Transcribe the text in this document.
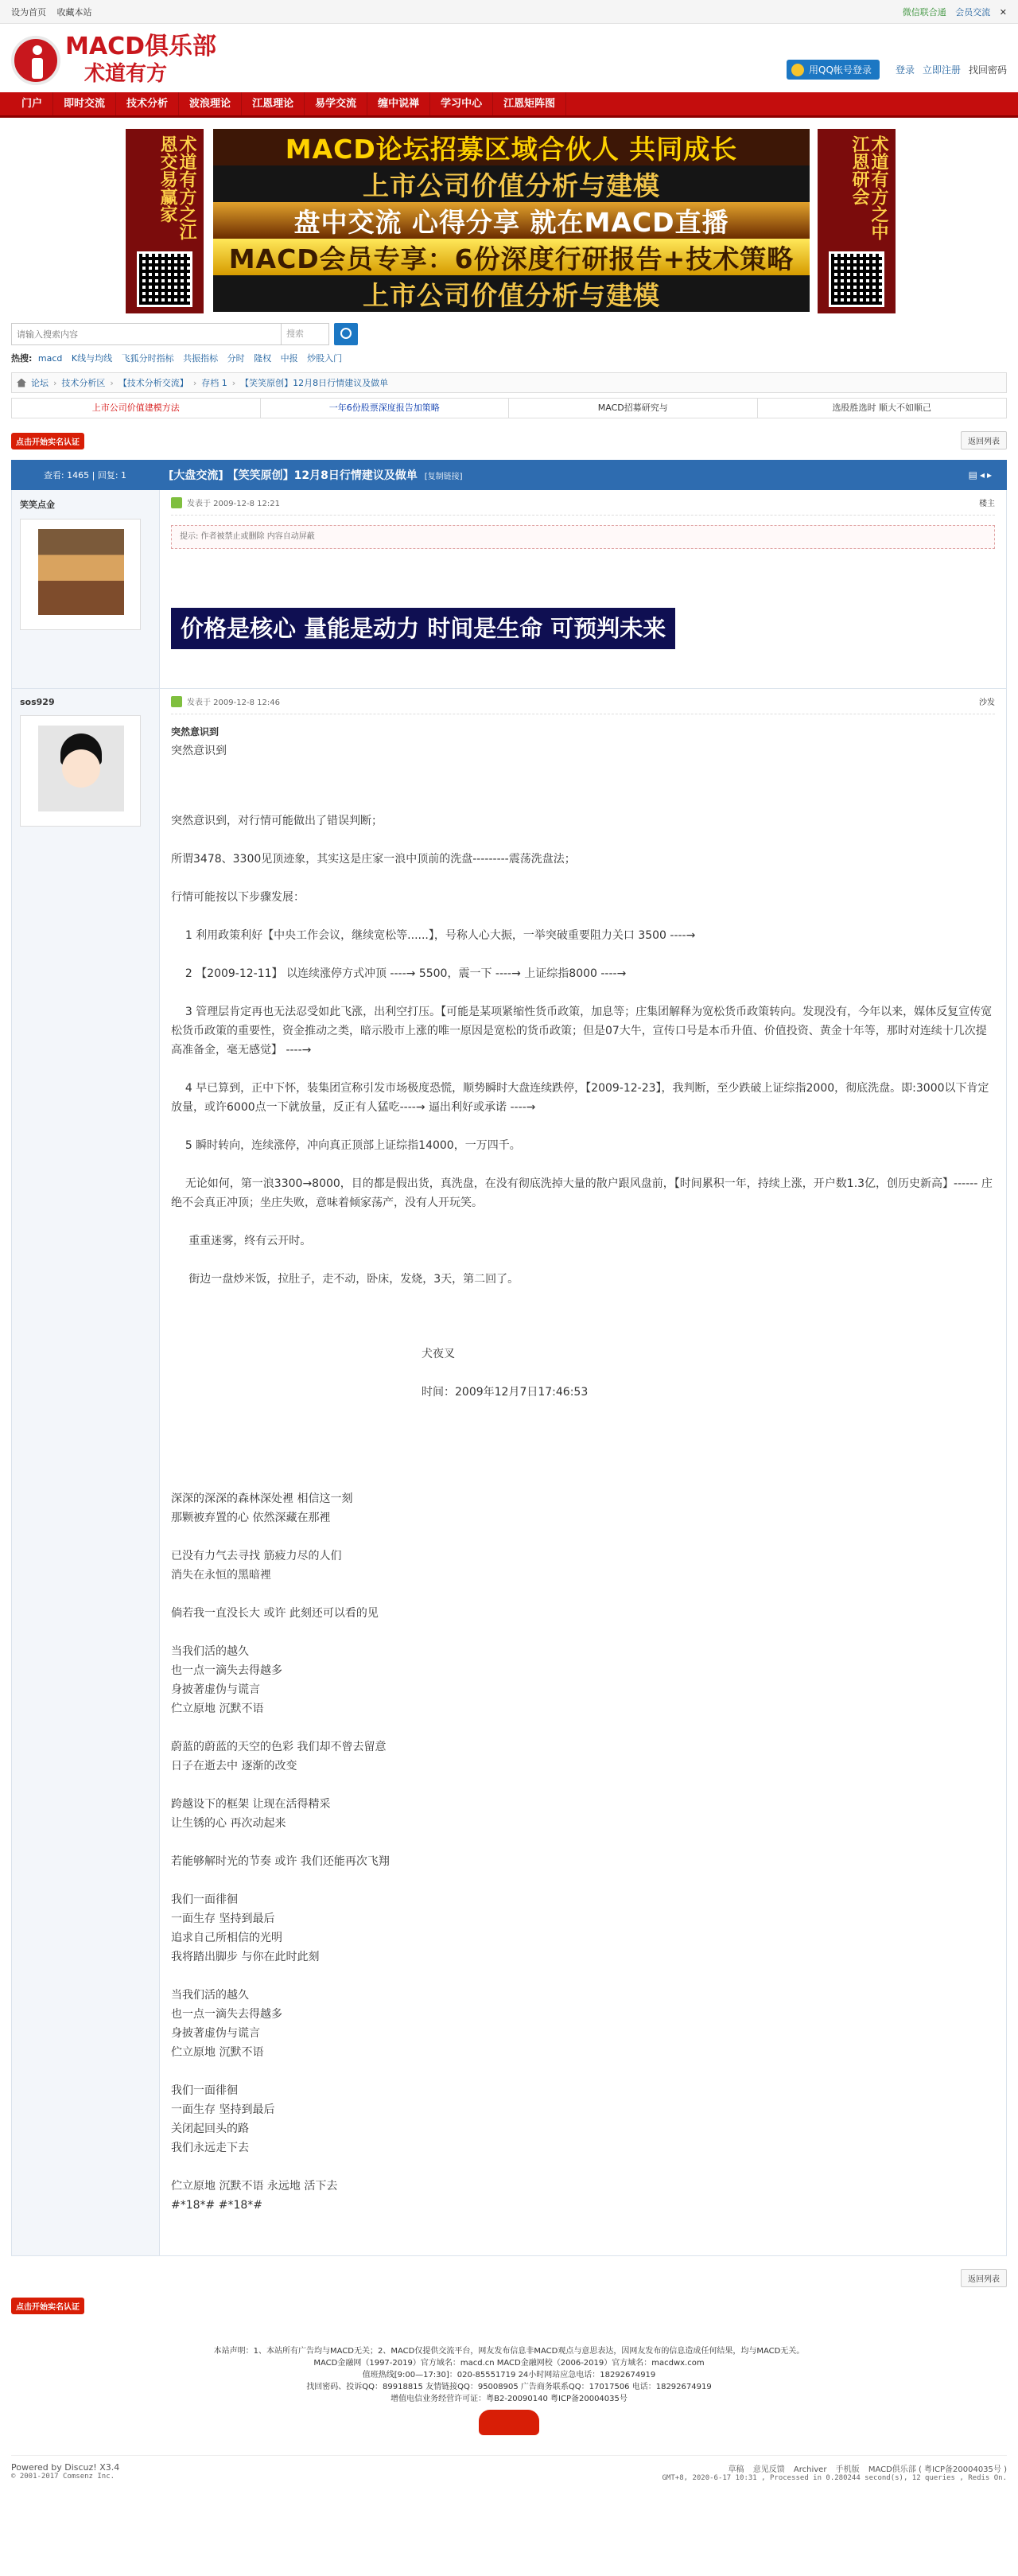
设为首页 收藏本站	微信联合通 会员交流 ✕
MACD俱乐部
术道有方	用QQ帐号登录	登录 立即注册 找回密码
门户	即时交流	技术分析	波浪理论	江恩理论	易学交流	缠中说禅	学习中心	江恩矩阵图
术道有方之江恩交易赢家	MACD论坛招募区域合伙人 共同成长
上市公司价值分析与建模
盘中交流 心得分享 就在MACD直播
MACD会员专享：6份深度行研报告+技术策略
上市公司价值分析与建模
术道有方之中江恩研会
请输入搜索内容
搜索
热搜: macd K线与均线 飞狐分时指标 共振指标 分时 隆权 中报 炒股入门
论坛 › 技术分析区 › 【技术分析交流】 › 存档 1 › 【笑笑原创】12月8日行情建议及做单
上市公司价值建模方法	一年6份股票深度报告加策略	MACD招募研究与	选股胜选时 顺大不如顺己
点击开始实名认证	返回列表
查看: 1465 | 回复: 1	[大盘交流] 【笑笑原创】12月8日行情建议及做单 [复制链接]	▤◂▸
笑笑点金	发表于 2009-12-8 12:21	楼主
提示: 作者被禁止或删除 内容自动屏蔽
价格是核心 量能是动力 时间是生命 可预判未来
sos929	发表于 2009-12-8 12:46	沙发

突然意识到

突然意识到

突然意识到，对行情可能做出了错误判断；

所谓3478、3300见顶迹象，其实这是庄家一浪中顶前的洗盘---------震荡洗盘法；

行情可能按以下步骤发展：

1 利用政策利好【中央工作会议，继续宽松等......】，号称人心大振，一举突破重要阻力关口 3500 ----→

2 【2009-12-11】 以连续涨停方式冲顶 ----→ 5500，震一下 ----→ 上证综指8000 ----→

3 管理层肯定再也无法忍受如此飞涨，出利空打压。【可能是某项紧缩性货币政策，加息等；庄集团解释为宽松货币政策转向。发现没有，今年以来，媒体反复宣传宽松货币政策的重要性，资金推动之类，暗示股市上涨的唯一原因是宽松的货币政策；但是07大牛，宣传口号是本币升值、价值投资、黄金十年等，那时对连续十几次提高准备金，毫无感觉】 ----→

4 早已算到，正中下怀，装集团宣称引发市场极度恐慌，顺势瞬时大盘连续跌停，【2009-12-23】，我判断，至少跌破上证综指2000，彻底洗盘。即:3000以下肯定放量，或许6000点一下就放量，反正有人猛吃----→ 逼出利好或承诺 ----→

5 瞬时转向，连续涨停，冲向真正顶部上证综指14000，一万四千。

无论如何，第一浪3300→8000，目的都是假出货，真洗盘，在没有彻底洗掉大量的散户跟风盘前，【时间累积一年，持续上涨，开户数1.3亿，创历史新高】------ 庄绝不会真正冲顶；坐庄失败，意味着倾家荡产，没有人开玩笑。

重重迷雾，终有云开时。

街边一盘炒米饭，拉肚子，走不动，卧床，发烧，3天，第二回了。

犬夜叉

时间：2009年12月7日17:46:53

深深的深深的森林深处裡 相信这一刻

那颗被弃置的心 依然深藏在那裡

已没有力气去寻找 筋疲力尽的人们

消失在永恒的黑暗裡

倘若我一直没长大 或许 此刻还可以看的见

当我们活的越久

也一点一滴失去得越多

身披著虚伪与谎言

伫立原地 沉默不语

蔚蓝的蔚蓝的天空的色彩 我们却不曾去留意

日子在逝去中 逐渐的改变

跨越设下的框架 让现在活得精采

让生锈的心 再次动起来

若能够解时光的节奏 或许 我们还能再次飞翔

我们一面徘徊

一面生存 坚持到最后

追求自己所相信的光明

我将踏出脚步 与你在此时此刻

当我们活的越久

也一点一滴失去得越多

身披著虚伪与谎言

伫立原地 沉默不语

我们一面徘徊

一面生存 坚持到最后

关闭起回头的路

我们永远走下去

伫立原地 沉默不语 永远地 活下去

#*18*# #*18*#

返回列表
点击开始实名认证
本站声明：1、本站所有广告均与MACD无关；2、MACD仅提供交流平台，网友发布信息非MACD观点与意思表达，因网友发布的信息造成任何结果，均与MACD无关。
MACD金融网（1997-2019）官方域名：macd.cn MACD金融网校（2006-2019）官方域名：macdwx.com
值班热线[9:00—17:30]：020-85551719 24小时网站应急电话：18292674919
找回密码、投诉QQ：89918815 友情链接QQ：95008905 广告商务联系QQ：17017506 电话：18292674919
增值电信业务经营许可证：粤B2-20090140 粤ICP备20004035号
Powered by Discuz! X3.4
© 2001-2017 Comsenz Inc.
草稿 意见反馈 Archiver 手机版 MACD俱乐部 ( 粤ICP备20004035号 )
GMT+8, 2020-6-17 10:31 , Processed in 0.280244 second(s), 12 queries , Redis On.
